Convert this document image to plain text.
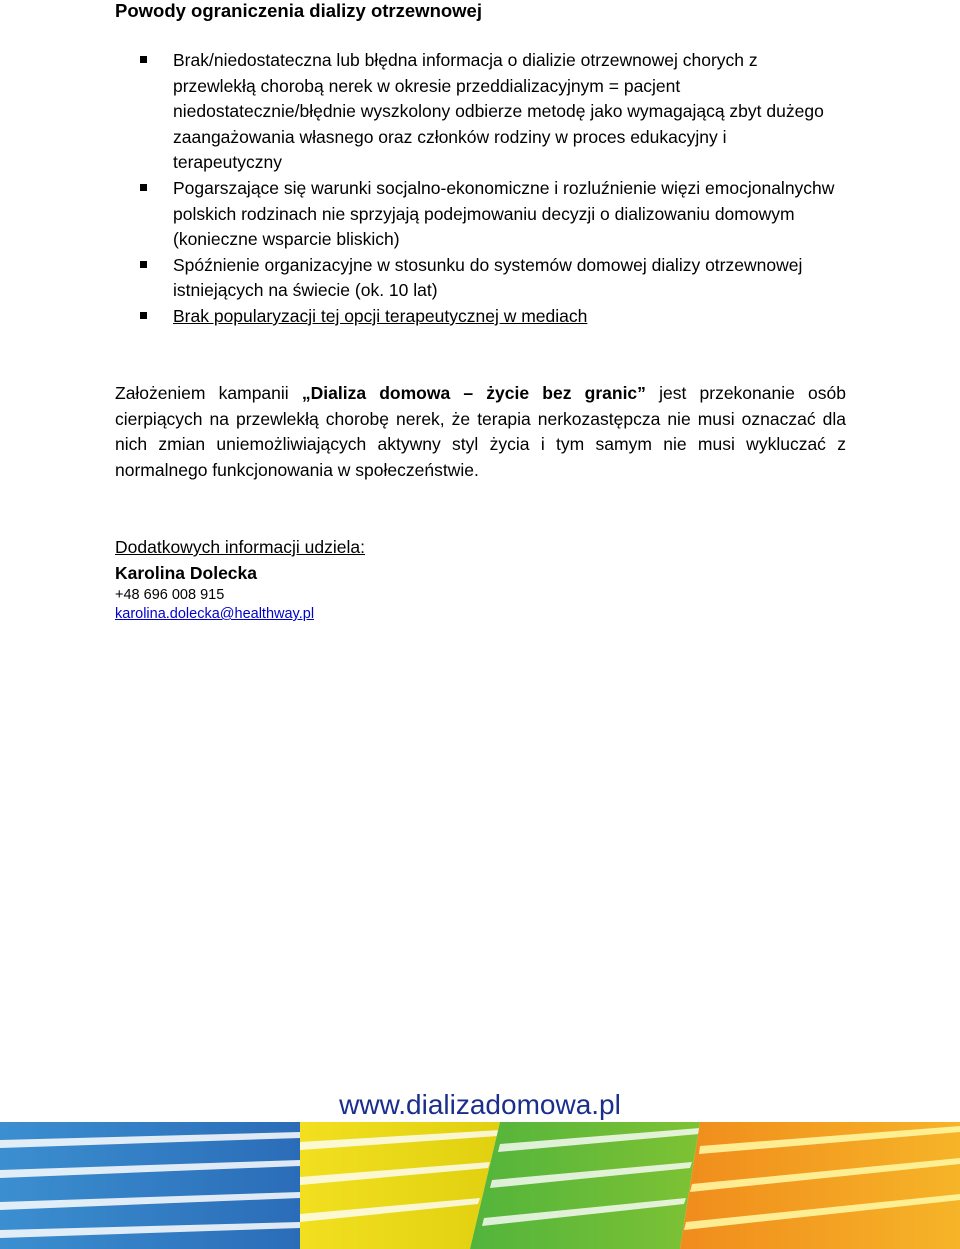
Powody ograniczenia dializy otrzewnowej
Brak/niedostateczna lub błędna informacja o dializie otrzewnowej chorych z przewlekłą chorobą nerek w okresie przeddializacyjnym = pacjent niedostatecznie/błędnie wyszkolony odbierze metodę jako wymagającą zbyt dużego zaangażowania własnego oraz członków rodziny w proces edukacyjny i terapeutyczny
Pogarszające się warunki socjalno-ekonomiczne i rozluźnienie więzi emocjonalnychw polskich rodzinach nie sprzyjają podejmowaniu decyzji o dializowaniu domowym (konieczne wsparcie bliskich)
Spóźnienie organizacyjne w stosunku do systemów domowej dializy otrzewnowej istniejących na świecie (ok. 10 lat)
Brak popularyzacji tej opcji terapeutycznej w mediach
Założeniem kampanii „Dializa domowa – życie bez granic” jest przekonanie osób cierpiących na przewlekłą chorobę nerek, że terapia nerkozastępcza nie musi oznaczać dla nich zmian uniemożliwiających aktywny styl życia i tym samym nie musi wykluczać z normalnego funkcjonowania w społeczeństwie.
Dodatkowych informacji udziela:
Karolina Dolecka
+48 696 008 915
karolina.dolecka@healthway.pl
www.dializadomowa.pl
